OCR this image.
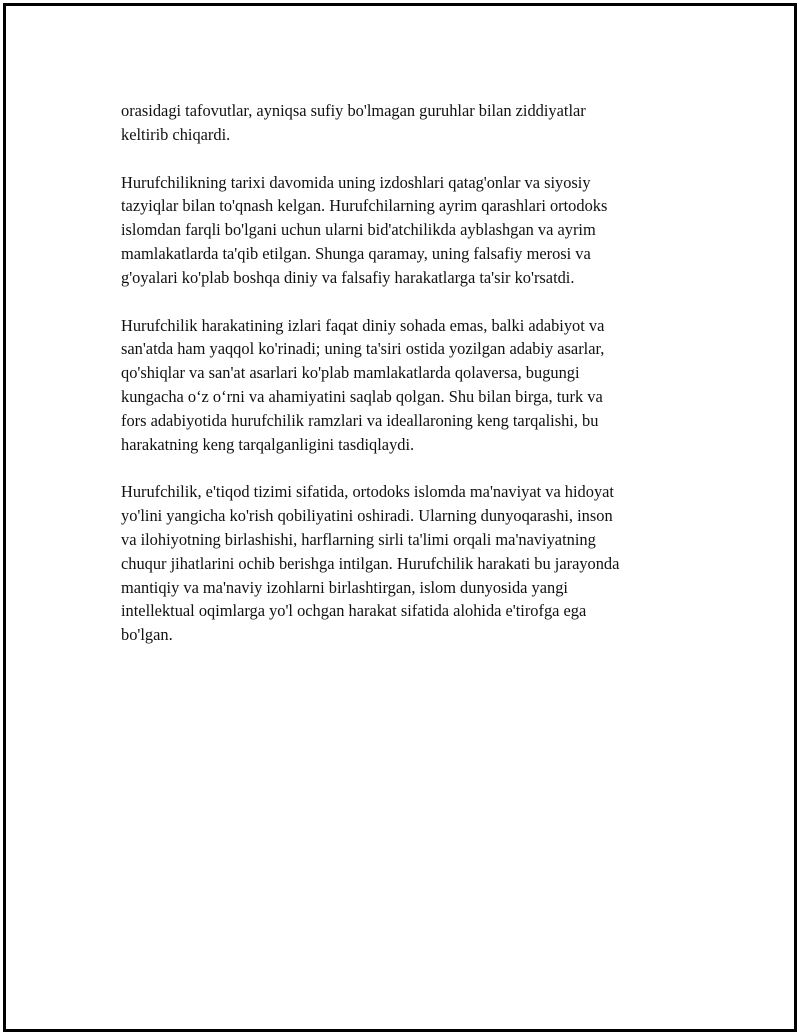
orasidagi tafovutlar, ayniqsa sufiy bo'lmagan guruhlar bilan ziddiyatlar
keltirib chiqardi.

Hurufchilikning tarixi davomida uning izdoshlari qatag'onlar va siyosiy
tazyiqlar bilan to'qnash kelgan. Hurufchilarning ayrim qarashlari ortodoks
islomdan farqli bo'lgani uchun ularni bid'atchilikda ayblashgan va ayrim
mamlakatlarda ta'qib etilgan. Shunga qaramay, uning falsafiy merosi va
g'oyalari ko'plab boshqa diniy va falsafiy harakatlarga ta'sir ko'rsatdi.

Hurufchilik harakatining izlari faqat diniy sohada emas, balki adabiyot va
san'atda ham yaqqol ko'rinadi; uning ta'siri ostida yozilgan adabiy asarlar,
qo'shiqlar va san'at asarlari ko'plab mamlakatlarda qolaversa, bugungi
kungacha o‘z o‘rni va ahamiyatini saqlab qolgan. Shu bilan birga, turk va
fors adabiyotida hurufchilik ramzlari va ideallaroning keng tarqalishi, bu
harakatning keng tarqalganligini tasdiqlaydi.

Hurufchilik, e'tiqod tizimi sifatida, ortodoks islomda ma'naviyat va hidoyat
yo'lini yangicha ko'rish qobiliyatini oshiradi. Ularning dunyoqarashi, inson
va ilohiyotning birlashishi, harflarning sirli ta'limi orqali ma'naviyatning
chuqur jihatlarini ochib berishga intilgan. Hurufchilik harakati bu jarayonda
mantiqiy va ma'naviy izohlarni birlashtirgan, islom dunyosida yangi
intellektual oqimlarga yo'l ochgan harakat sifatida alohida e'tirofga ega
bo'lgan.
